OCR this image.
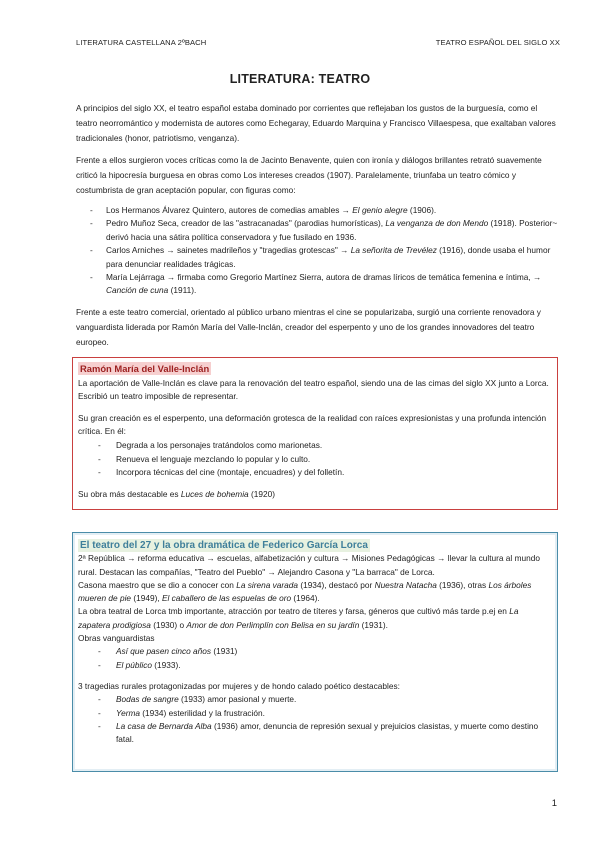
LITERATURA CASTELLANA 2ºBACH	TEATRO ESPAÑOL DEL SIGLO XX
LITERATURA: TEATRO

A principios del siglo XX, el teatro español estaba dominado por corrientes que reflejaban los gustos de la burguesía, como el teatro neorromántico y modernista de autores como Echegaray, Eduardo Marquina y Francisco Villaespesa, que exaltaban valores tradicionales (honor, patriotismo, venganza).

Frente a ellos surgieron voces críticas como la de Jacinto Benavente, quien con ironía y diálogos brillantes retrató suavemente criticó la hipocresía burguesa en obras como Los intereses creados (1907). Paralelamente, triunfaba un teatro cómico y costumbrista de gran aceptación popular, con figuras como:

- Los Hermanos Álvarez Quintero, autores de comedias amables → El genio alegre (1906).
- Pedro Muñoz Seca, creador de las "astracanadas" (parodias humorísticas), La venganza de don Mendo (1918). Posterior~ derivó hacia una sátira política conservadora y fue fusilado en 1936.
- Carlos Arniches → sainetes madrileños y "tragedias grotescas" → La señorita de Trevélez (1916), donde usaba el humor para denunciar realidades trágicas.
- María Lejárraga → firmaba como Gregorio Martínez Sierra, autora de dramas líricos de temática femenina e íntima, → Canción de cuna (1911).

Frente a este teatro comercial, orientado al público urbano mientras el cine se popularizaba, surgió una corriente renovadora y vanguardista liderada por Ramón María del Valle-Inclán, creador del esperpento y uno de los grandes innovadores del teatro europeo.

Ramón María del Valle-Inclán

La aportación de Valle-Inclán es clave para la renovación del teatro español, siendo una de las cimas del siglo XX junto a Lorca. Escribió un teatro imposible de representar.

Su gran creación es el esperpento, una deformación grotesca de la realidad con raíces expresionistas y una profunda intención crítica. En él:

- Degrada a los personajes tratándolos como marionetas.
- Renueva el lenguaje mezclando lo popular y lo culto.
- Incorpora técnicas del cine (montaje, encuadres) y del folletín.

Su obra más destacable es Luces de bohemia (1920)

El teatro del 27 y la obra dramática de Federico García Lorca

2ª República → reforma educativa → escuelas, alfabetización y cultura → Misiones Pedagógicas → llevar la cultura al mundo rural. Destacan las compañías, "Teatro del Pueblo" → Alejandro Casona y "La barraca" de Lorca.

Casona maestro que se dio a conocer con La sirena varada (1934), destacó por Nuestra Natacha (1936), otras Los árboles mueren de pie (1949), El caballero de las espuelas de oro (1964).

La obra teatral de Lorca tmb importante, atracción por teatro de títeres y farsa, géneros que cultivó más tarde p.ej en La zapatera prodigiosa (1930) o Amor de don Perlimplín con Belisa en su jardín (1931).

Obras vanguardistas

- Así que pasen cinco años (1931)
- El público (1933).

3 tragedias rurales protagonizadas por mujeres y de hondo calado poético destacables:

- Bodas de sangre (1933) amor pasional y muerte.
- Yerma (1934) esterilidad y la frustración.
- La casa de Bernarda Alba (1936) amor, denuncia de represión sexual y prejuicios clasistas, y muerte como destino fatal.
1
